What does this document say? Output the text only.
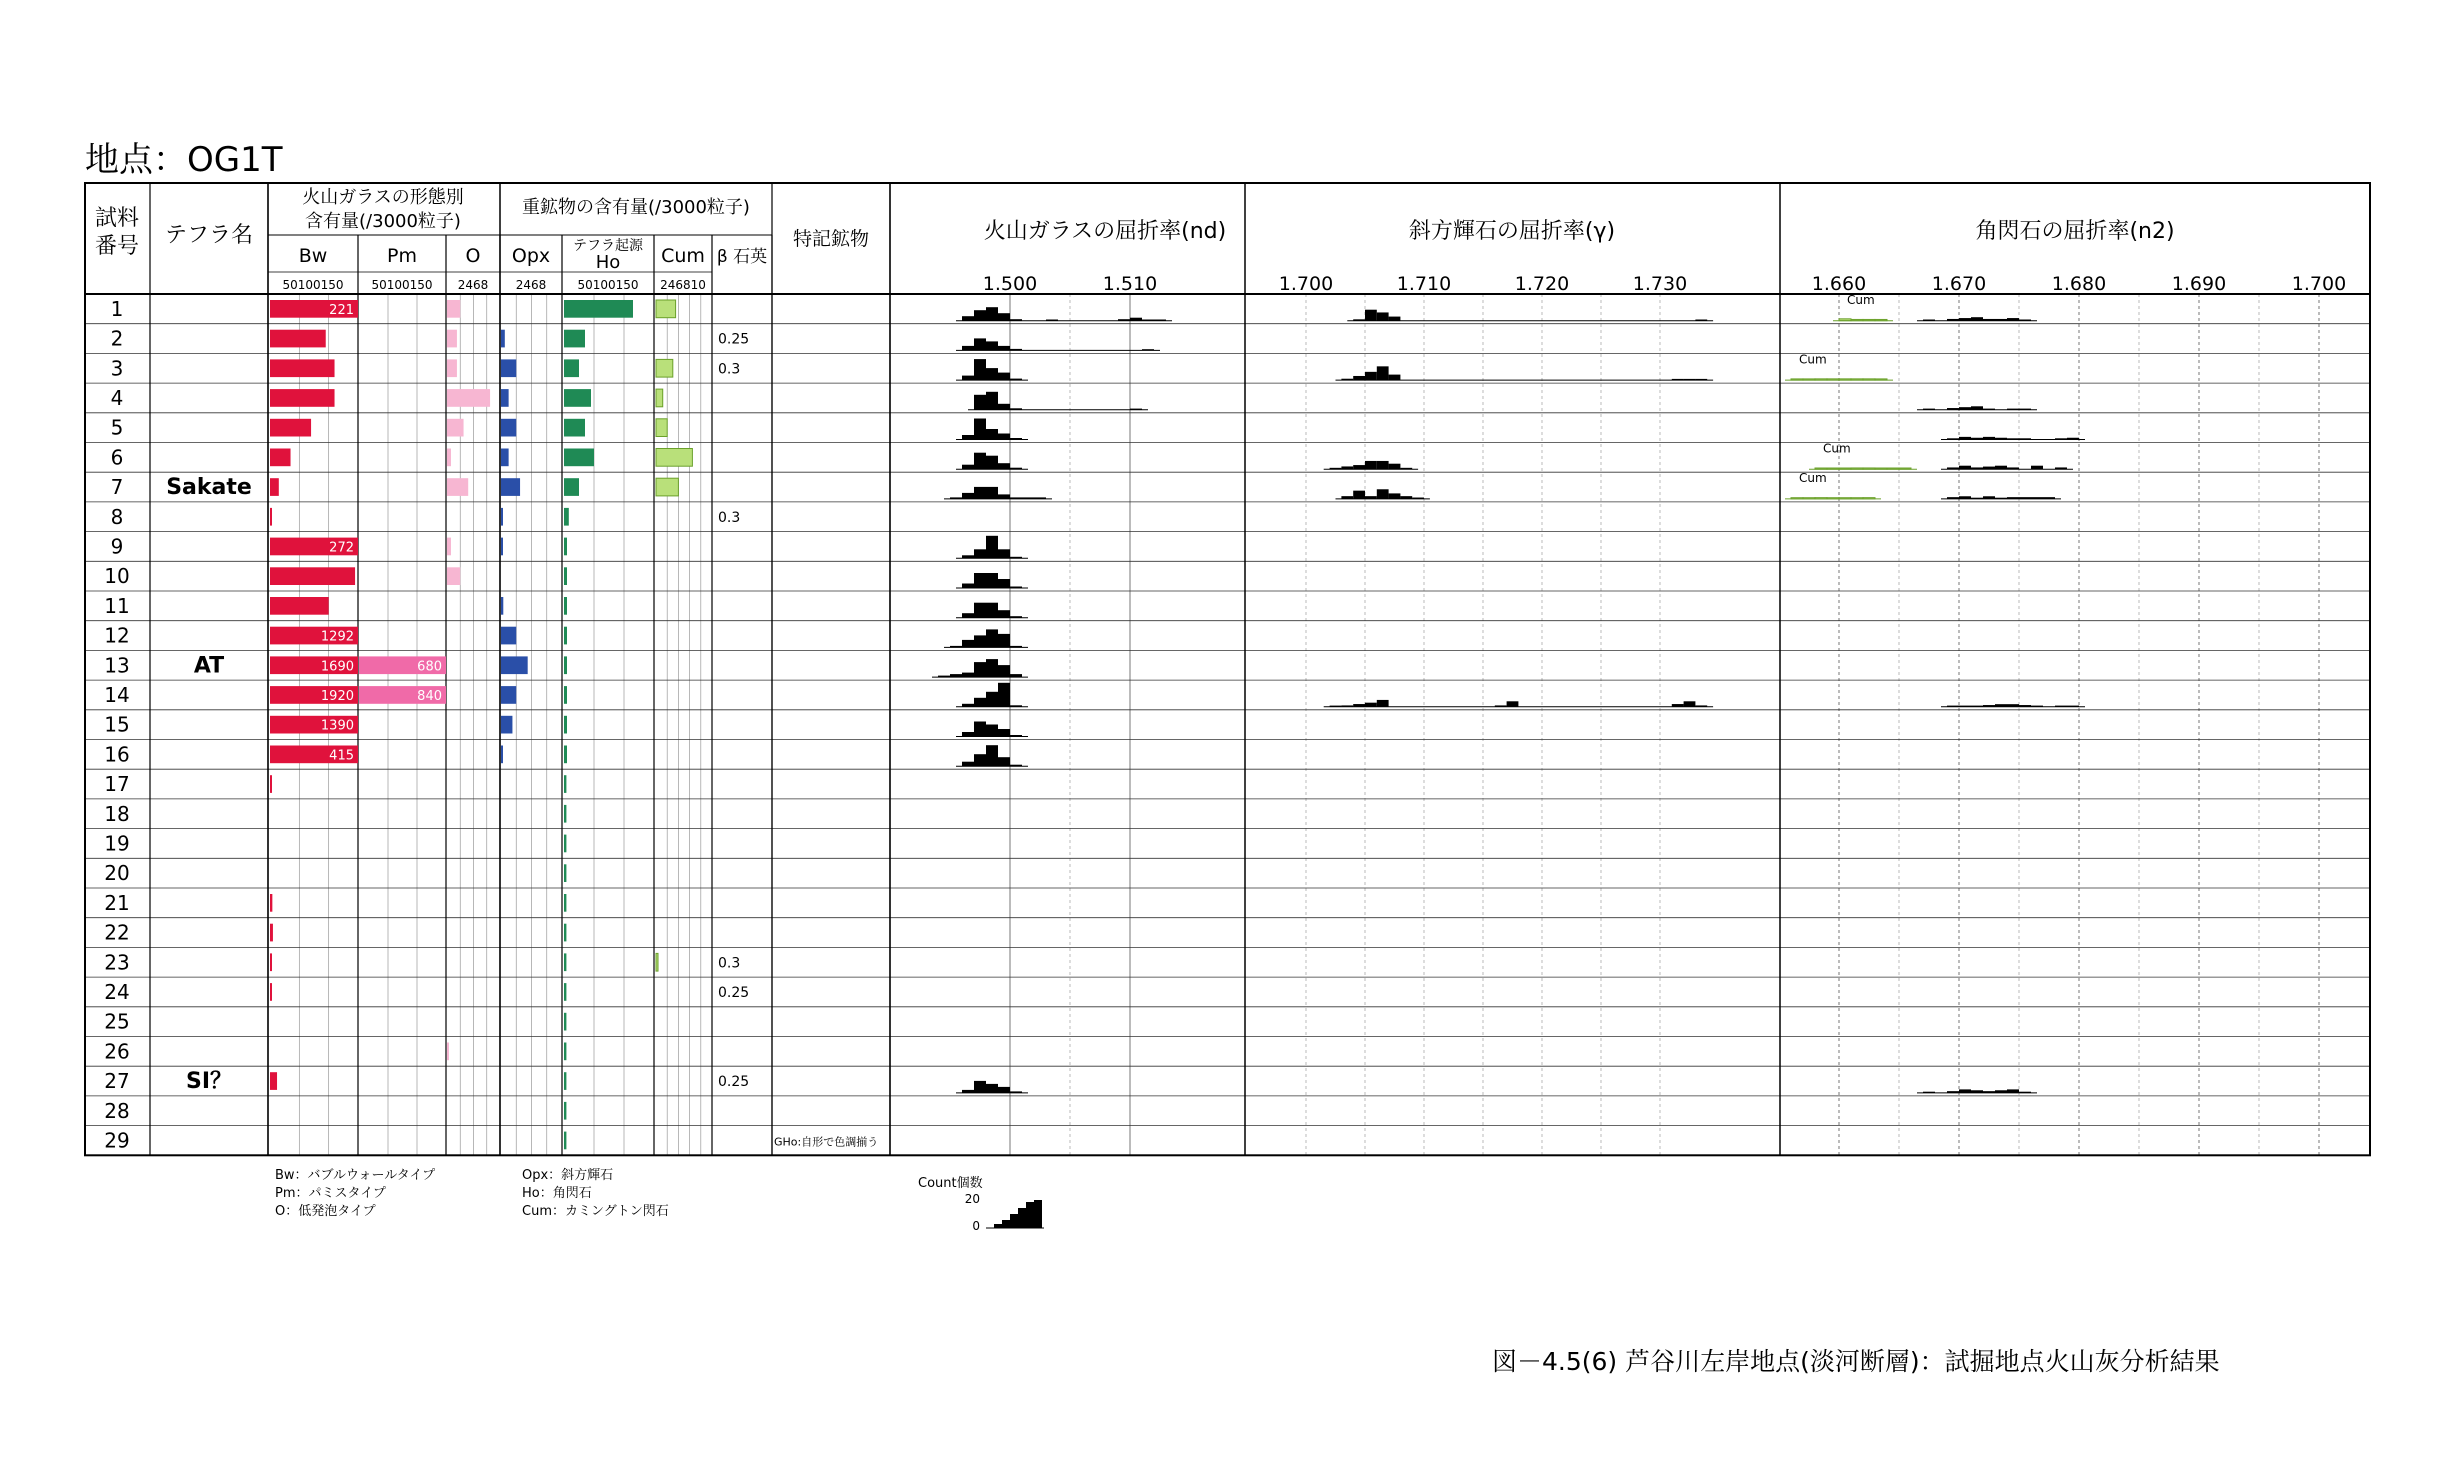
地点：OG1T
試料
番号 テフラ名
火山ガラスの形態別
含有量(/3000粒子)
重鉱物の含有量(/3000粒子)
Bw	Pm	O Opx テフラ起源
Ho Cum β 石英
特記鉱物	火山ガラスの屈折率(nd)	斜方輝石の屈折率(γ)	角閃石の屈折率(n2)
50100150 50100150 2468 2468	50100150 246810	1.500	1.510	1.700	1.710	1.720	1.730	1.660	1.670	1.680	1.690	1.700
1	221
2	0.25
3	0.3
4
5
6
7 Sakate
8	0.3
9	272
10
11
12	1292
13	AT	1690	680
14	1920	840
15	1390
16	415
17
18
19
20
21
22
23	0.3
24	0.25
25
26
27	SI？	0.25
28
29	GHo:自形で色調揃う
Cum
Cum
Cum
Cum
Count個数
20
0
Bw：バブルウォールタイプ
Pm：パミスタイプ
O：低発泡タイプ
Opx：斜方輝石
Ho：角閃石
Cum：カミングトン閃石
図－4.5(6) 芦谷川左岸地点(淡河断層)：試掘地点火山灰分析結果
